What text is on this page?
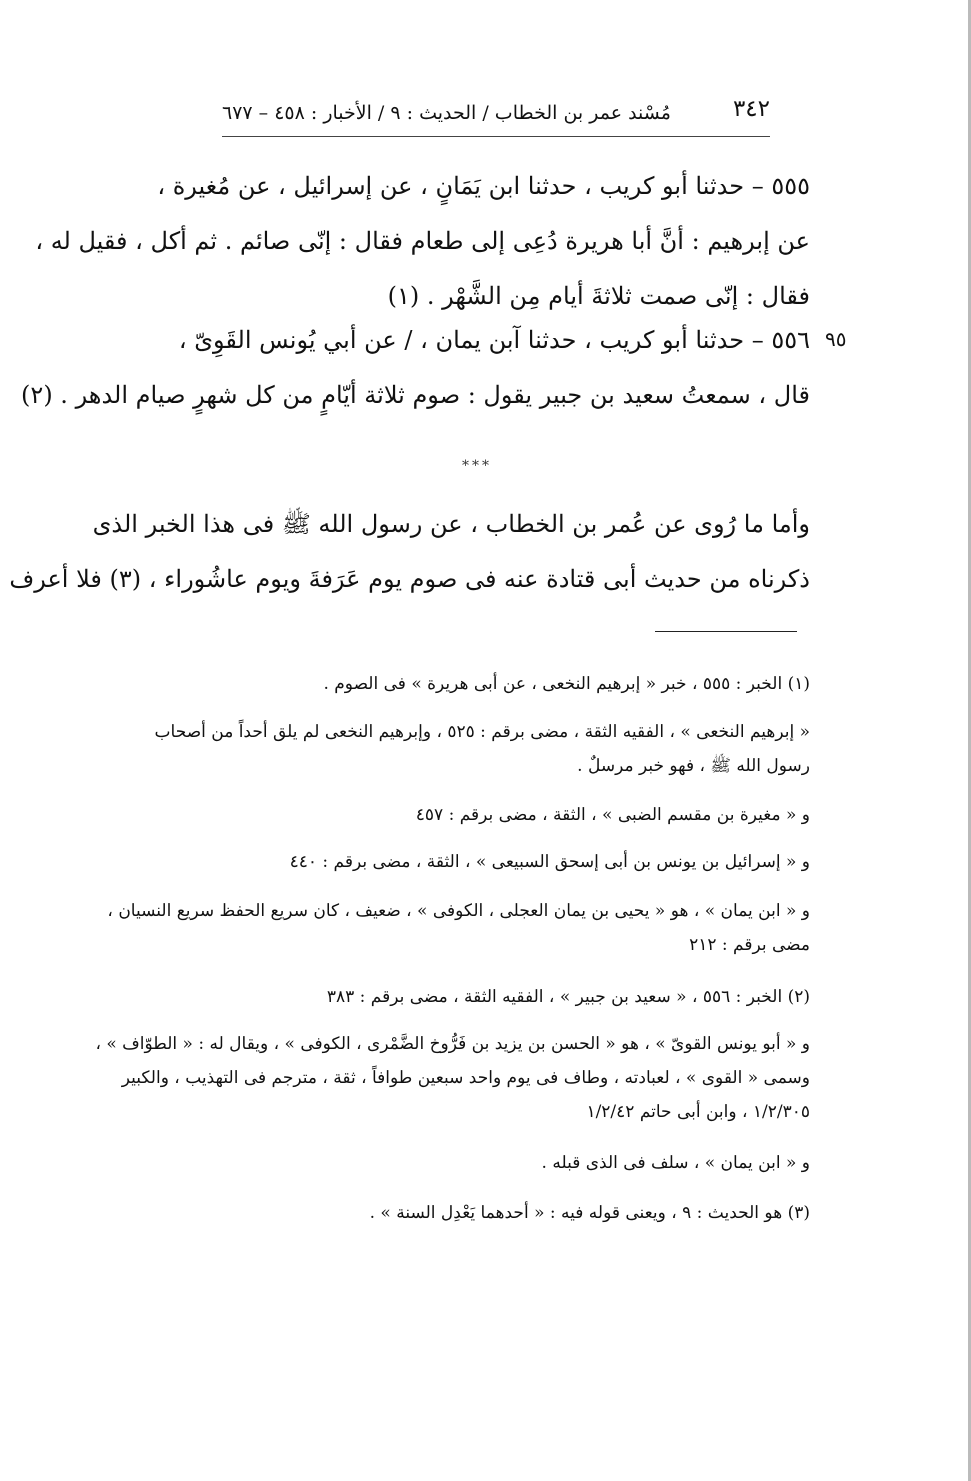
٣٤٢
مُسْند عمر بن الخطاب / الحديث : ٩ / الأخبار : ٤٥٨ – ٦٧٧
٥٥٥ – حدثنا أبو كريب ، حدثنا ابن يَمَانٍ ، عن إسرائيل ، عن مُغيرة ،
عن إبرهيم : أنَّ أبا هريرة دُعِى إلى طعام فقال : إنّى صائم . ثم أكل ، فقيل له ،
فقال : إنّى صمت ثلاثةَ أيام مِن الشَّهْر . (١)
٩٥
٥٥٦ – حدثنا أبو كريب ، حدثنا آبن يمان ، / عن أبي يُونس القَوِىّ ،
قال ، سمعتُ سعيد بن جبير يقول : صوم ثلاثة أيّامٍ من كل شهرٍ صيام الدهر . (٢)
***
وأما ما رُوى عن عُمر بن الخطاب ، عن رسول الله ﷺ فى هذا الخبر الذى
ذكرناه من حديث أبى قتادة عنه فى صوم يوم عَرَفةَ ويوم عاشُوراء ، (٣) فلا أعرف
(١) الخبر : ٥٥٥ ، خبر « إبرهيم النخعى ، عن أبى هريرة » فى الصوم .
« إبرهيم النخعى » ، الفقيه الثقة ، مضى برقم : ٥٢٥ ، وإبرهيم النخعى لم يلق أحداً من أصحاب
رسول الله ﷺ ، فهو خبر مرسلٌ .
و « مغيرة بن مقسم الضبى » ، الثقة ، مضى برقم : ٤٥٧
و « إسرائيل بن يونس بن أبى إسحق السبيعى » ، الثقة ، مضى برقم : ٤٤٠
و « ابن يمان » ، هو « يحيى بن يمان العجلى ، الكوفى » ، ضعيف ، كان سريع الحفظ سريع النسيان ،
مضى برقم : ٢١٢
(٢) الخبر : ٥٥٦ ، « سعيد بن جبير » ، الفقيه الثقة ، مضى برقم : ٣٨٣
و « أبو يونس القوىّ » ، هو « الحسن بن يزيد بن فَرُّوخ الضَّمْرى ، الكوفى » ، ويقال له : « الطوّاف » ،
وسمى « القوى » ، لعبادته ، وطاف فى يوم واحد سبعين طوافاً ، ثقة ، مترجم فى التهذيب ، والكبير
١/٢/٣٠٥ ، وابن أبى حاتم ١/٢/٤٢
و « ابن يمان » ، سلف فى الذى قبله .
(٣) هو الحديث : ٩ ، ويعنى قوله فيه : « أحدهما يَعْدِل السنة » .
